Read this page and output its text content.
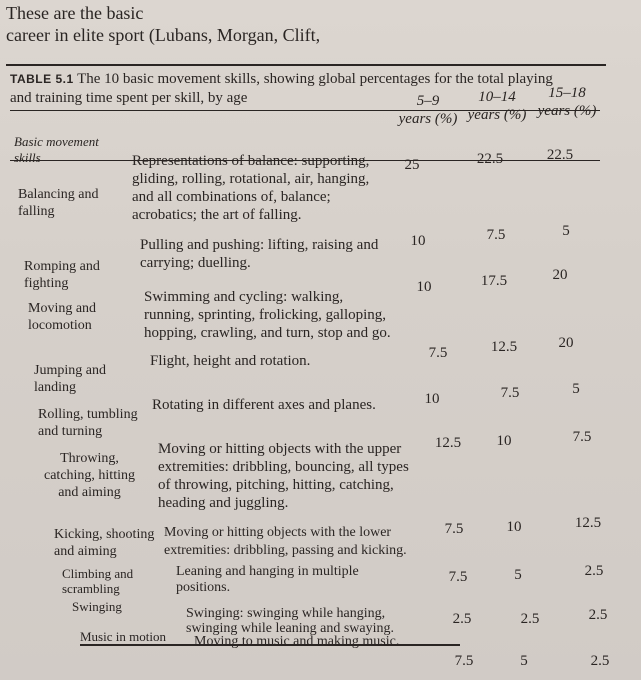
These are the basic
career in elite sport (Lubans, Morgan, Clift,
TABLE 5.1 The 10 basic movement skills, showing global percentages for the total playing
and training time spent per skill, by age
Basic movement
skills
5–9
years (%)
10–14
years (%)
15–18
years (%)
Balancing and
falling
Representations of balance: supporting,
gliding, rolling, rotational, air, hanging,
and all combinations of, balance;
acrobatics; the art of falling.
25	22.5	22.5
Romping and
fighting
Pulling and pushing: lifting, raising and
carrying; duelling.
10	7.5	5
Moving and
locomotion
Swimming and cycling: walking,
running, sprinting, frolicking, galloping,
hopping, crawling, and turn, stop and go.
10	17.5	20
Jumping and
landing
Flight, height and rotation.	7.5	12.5	20
Rolling, tumbling
and turning
Rotating in different axes and planes.	10	7.5	5
Throwing,
catching, hitting
and aiming
Moving or hitting objects with the upper
extremities: dribbling, bouncing, all types
of throwing, pitching, hitting, catching,
heading and juggling.
12.5	10	7.5
Kicking, shooting
and aiming
Moving or hitting objects with the lower
extremities: dribbling, passing and kicking.
7.5	10	12.5
Climbing and
scrambling
Leaning and hanging in multiple
positions.
7.5	5	2.5
Swinging	Swinging: swinging while hanging,
swinging while leaning and swaying.
2.5	2.5	2.5
Music in motion Moving to music and making music.
7.5	5	2.5
